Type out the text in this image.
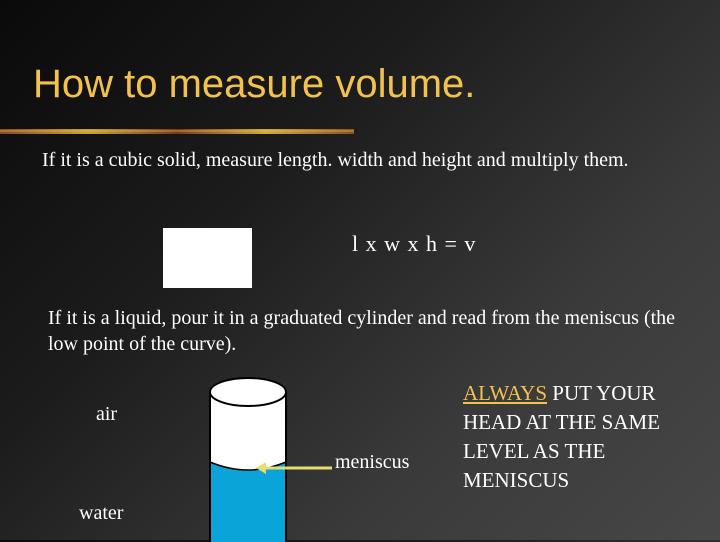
How to measure volume.
If it is a cubic solid, measure length. width and height and multiply them.
l x w x h = v
If it is a liquid, pour it in a graduated cylinder and read from the meniscus (the low point of the curve).
air
water
meniscus
ALWAYS PUT YOUR HEAD AT THE SAME LEVEL AS THE MENISCUS
